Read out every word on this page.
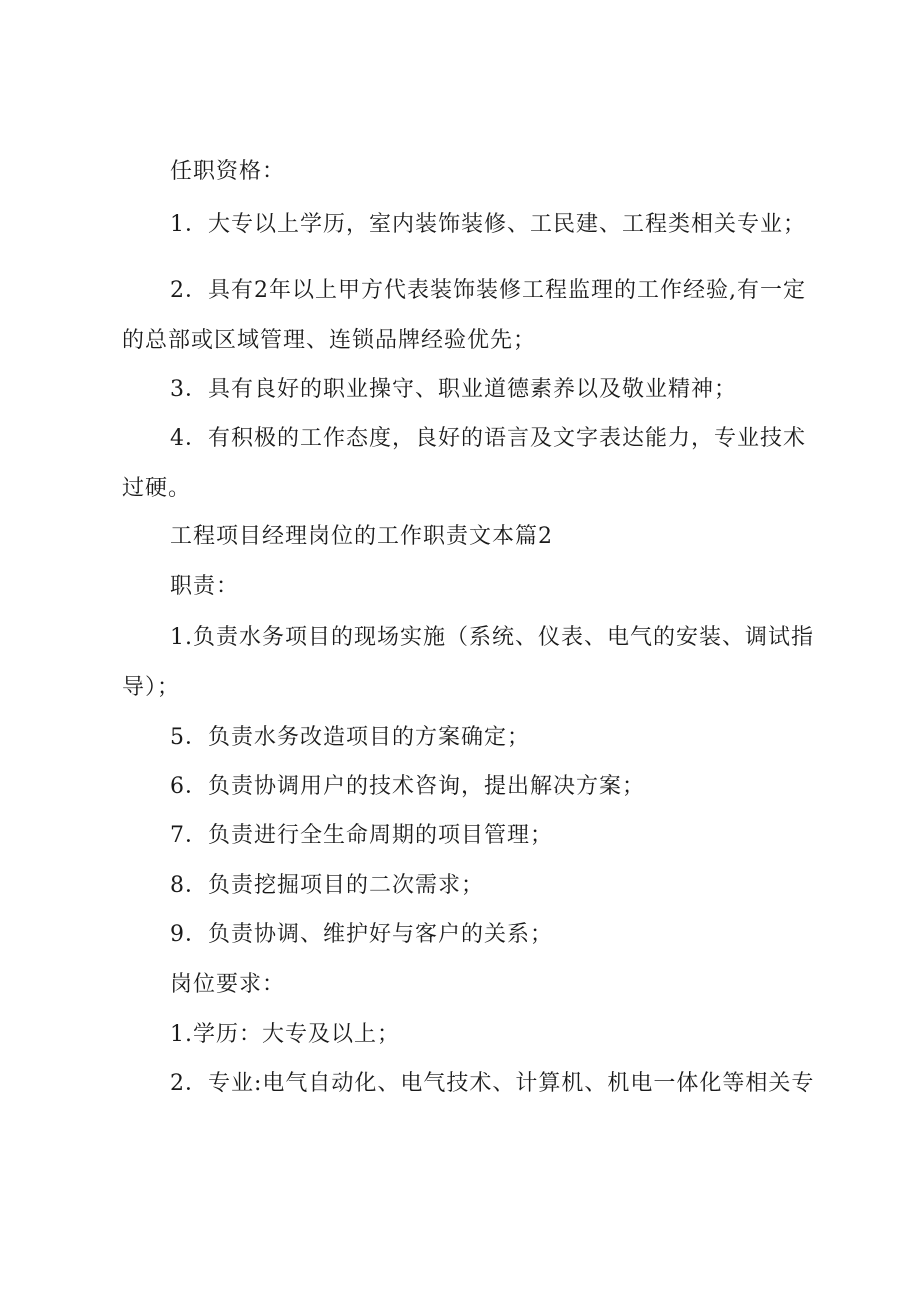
任职资格：

1．大专以上学历，室内装饰装修、工民建、工程类相关专业；

2．具有2年以上甲方代表装饰装修工程监理的工作经验,有一定

的总部或区域管理、连锁品牌经验优先；

3．具有良好的职业操守、职业道德素养以及敬业精神；

4．有积极的工作态度，良好的语言及文字表达能力，专业技术

过硬。

工程项目经理岗位的工作职责文本篇2

职责：

1.负责水务项目的现场实施（系统、仪表、电气的安装、调试指

导）；

5．负责水务改造项目的方案确定；

6．负责协调用户的技术咨询，提出解决方案；

7．负责进行全生命周期的项目管理；

8．负责挖掘项目的二次需求；

9．负责协调、维护好与客户的关系；

岗位要求：

1.学历：大专及以上；

2．专业:电气自动化、电气技术、计算机、机电一体化等相关专
